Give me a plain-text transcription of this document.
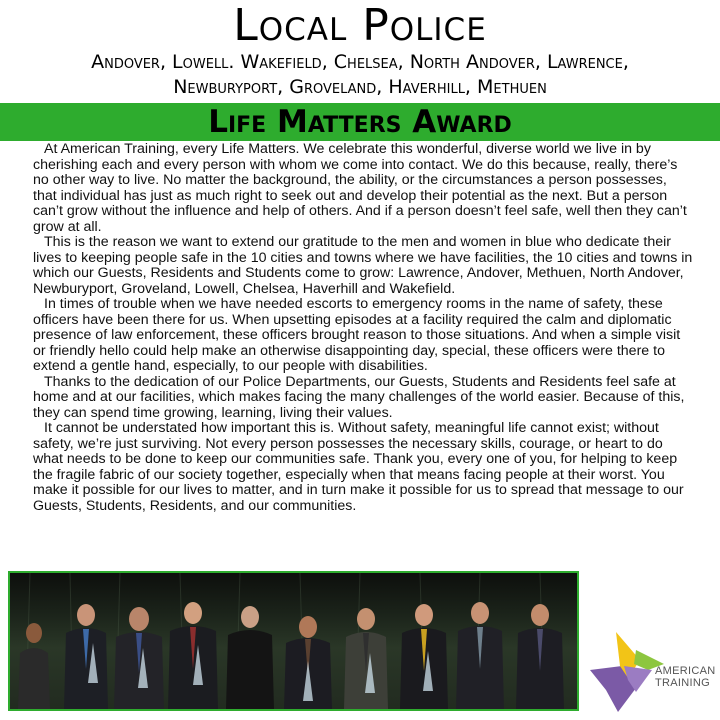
Local Police
Andover, Lowell. Wakefield, Chelsea, North Andover, Lawrence,
Newburyport, Groveland, Haverhill, Methuen
Life Matters Award

At American Training, every Life Matters. We celebrate this wonderful, diverse world we live in by cherishing each and every person with whom we come into contact. We do this because, really, there’s no other way to live. No matter the background, the ability, or the circumstances a person possesses, that individual has just as much right to seek out and develop their potential as the next. But a person can’t grow without the influence and help of others. And if a person doesn’t feel safe, well then they can’t grow at all.

This is the reason we want to extend our gratitude to the men and women in blue who dedicate their lives to keeping people safe in the 10 cities and towns where we have facilities, the 10 cities and towns in which our Guests, Residents and Students come to grow: Lawrence, Andover, Methuen, North Andover, Newburyport, Groveland, Lowell, Chelsea, Haverhill and Wakefield.

In times of trouble when we have needed escorts to emergency rooms in the name of safety, these officers have been there for us. When upsetting episodes at a facility required the calm and diplomatic presence of law enforcement, these officers brought reason to those situations. And when a simple visit or friendly hello could help make an otherwise disappointing day, special, these officers were there to extend a gentle hand, especially, to our people with disabilities.

Thanks to the dedication of our Police Departments, our Guests, Students and Residents feel safe at home and at our facilities, which makes facing the many challenges of the world easier. Because of this, they can spend time growing, learning, living their values.

It cannot be understated how important this is. Without safety, meaningful life cannot exist; without safety, we’re just surviving. Not every person possesses the necessary skills, courage, or heart to do what needs to be done to keep our communities safe. Thank you, every one of you, for helping to keep the fragile fabric of our society together, especially when that means facing people at their worst. You make it possible for our lives to matter, and in turn make it possible for us to spread that message to our Guests, Students, Residents, and our communities.

AMERICAN
TRAINING
